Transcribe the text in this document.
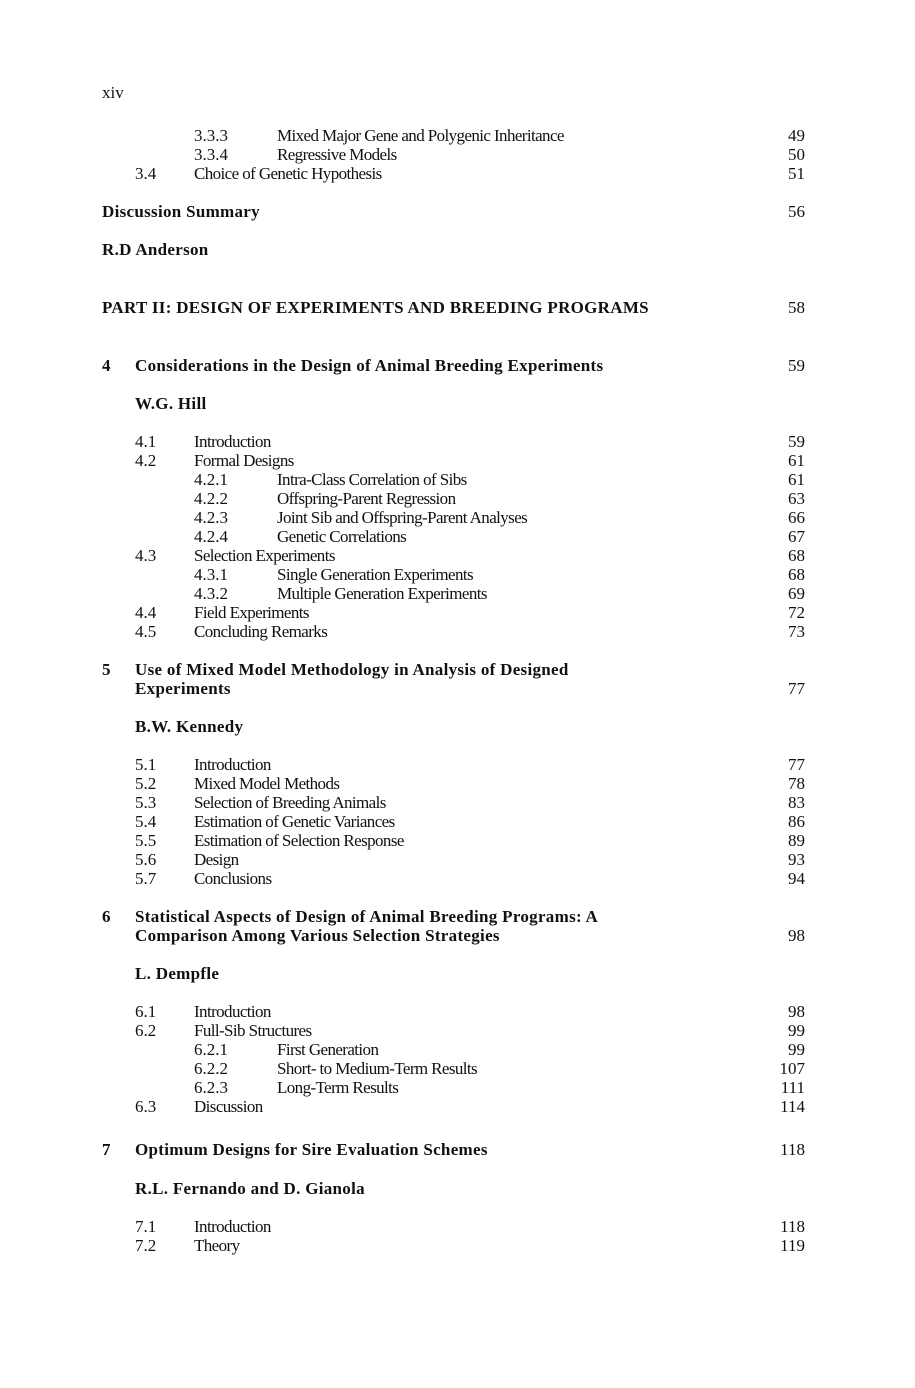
xiv
3.3.3	Mixed Major Gene and Polygenic Inheritance	49
3.3.4	Regressive Models	50
3.4 Choice of Genetic Hypothesis	51
Discussion Summary	56
R.D Anderson
PART II: DESIGN OF EXPERIMENTS AND BREEDING PROGRAMS	58
4 Considerations in the Design of Animal Breeding Experiments	59
W.G. Hill
4.1 Introduction	59
4.2 Formal Designs	61
4.2.1	Intra-Class Correlation of Sibs	61
4.2.2	Offspring-Parent Regression	63
4.2.3	Joint Sib and Offspring-Parent Analyses	66
4.2.4	Genetic Correlations	67
4.3 Selection Experiments	68
4.3.1	Single Generation Experiments	68
4.3.2	Multiple Generation Experiments	69
4.4 Field Experiments	72
4.5 Concluding Remarks	73
5 Use of Mixed Model Methodology in Analysis of Designed
Experiments	77
B.W. Kennedy
5.1 Introduction	77
5.2 Mixed Model Methods	78
5.3 Selection of Breeding Animals	83
5.4 Estimation of Genetic Variances	86
5.5 Estimation of Selection Response	89
5.6 Design	93
5.7 Conclusions	94
6 Statistical Aspects of Design of Animal Breeding Programs: A
Comparison Among Various Selection Strategies	98
L. Dempfle
6.1 Introduction	98
6.2 Full-Sib Structures	99
6.2.1	First Generation	99
6.2.2	Short- to Medium-Term Results	107
6.2.3	Long-Term Results	111
6.3 Discussion	114
7 Optimum Designs for Sire Evaluation Schemes	118
R.L. Fernando and D. Gianola
7.1 Introduction	118
7.2 Theory	119
